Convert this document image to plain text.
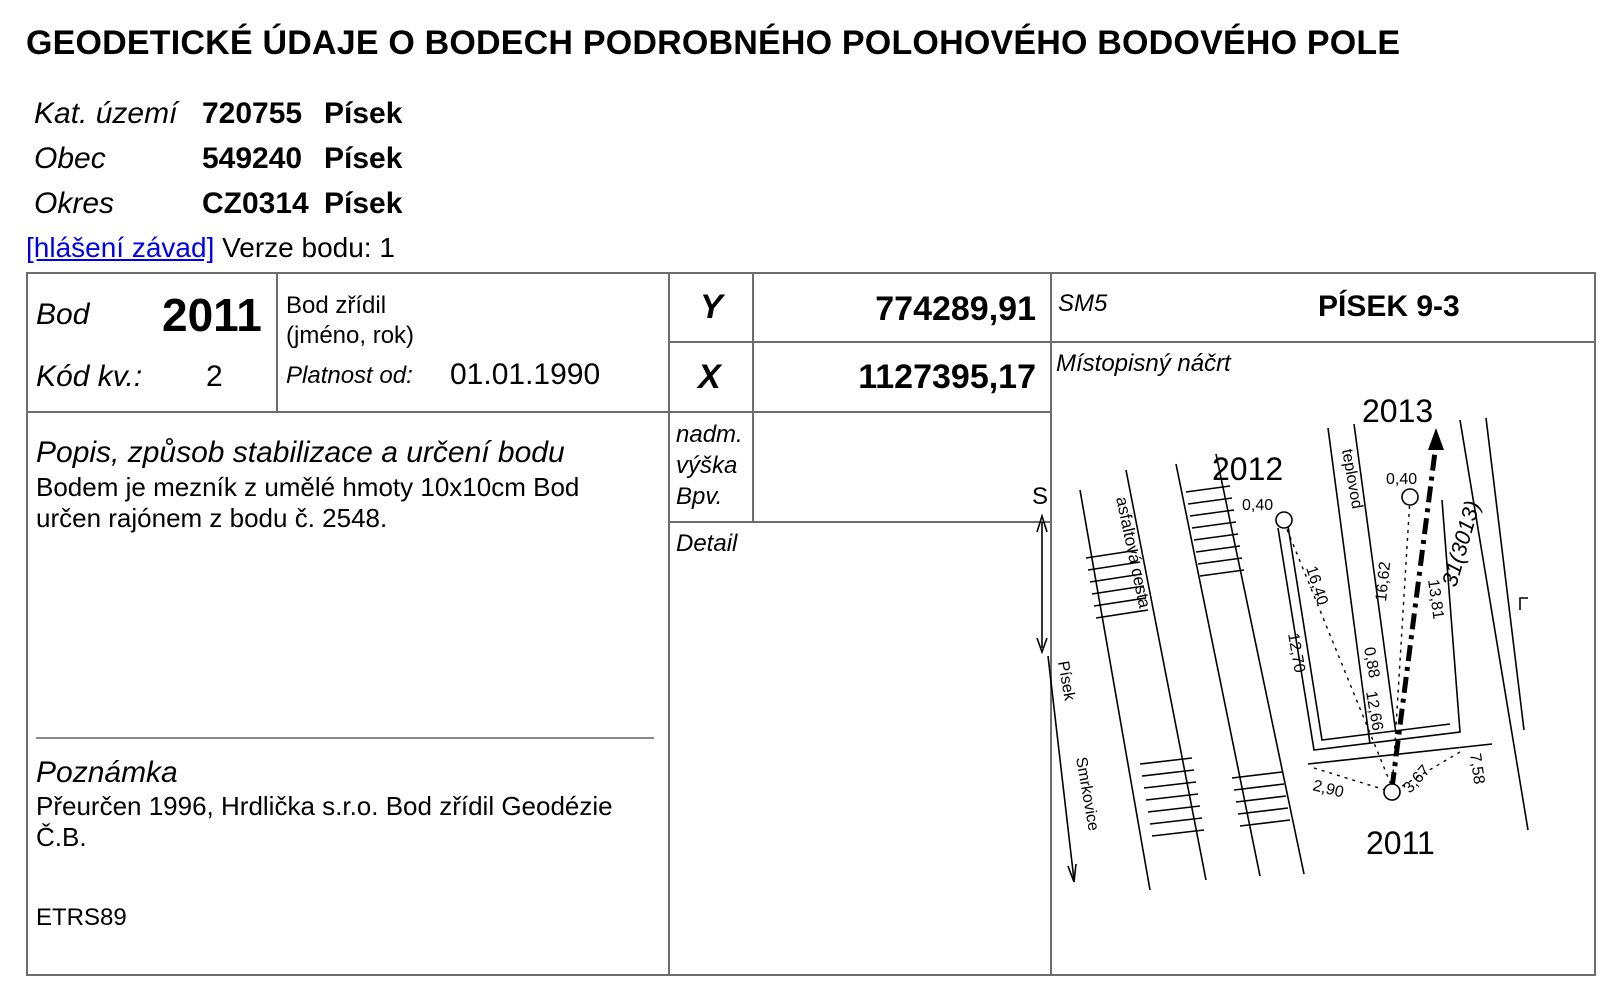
GEODETICKÉ ÚDAJE O BODECH PODROBNÉHO POLOHOVÉHO BODOVÉHO POLE
Kat. území 720755 Písek
Obec	549240 Písek
Okres	CZ0314 Písek
[hlášení závad] Verze bodu: 1
Bod 2011
Kód kv.: 2
Bod zřídil
(jméno, rok)
Platnost od: 01.01.1990
Y	774289,91
X	1127395,17
SM5	PÍSEK 9-3
Popis, způsob stabilizace a určení bodu
Bodem je mezník z umělé hmoty 10x10cm Bod určen rajónem z bodu č. 2548.
nadm.
výška
Bpv.
Detail
Poznámka
Přeurčen 1996, Hrdlička s.r.o. Bod zřídil Geodézie Č.B.
ETRS89
Místopisný náčrt
2011
2012
2013
31(3013)
S	asfaltová cesta
teplovod
Písek
Smrkovice
0,40
0,40
16,40
12,70
16,62 13,81
0,88
12,66
2,90	3,67 7,58
